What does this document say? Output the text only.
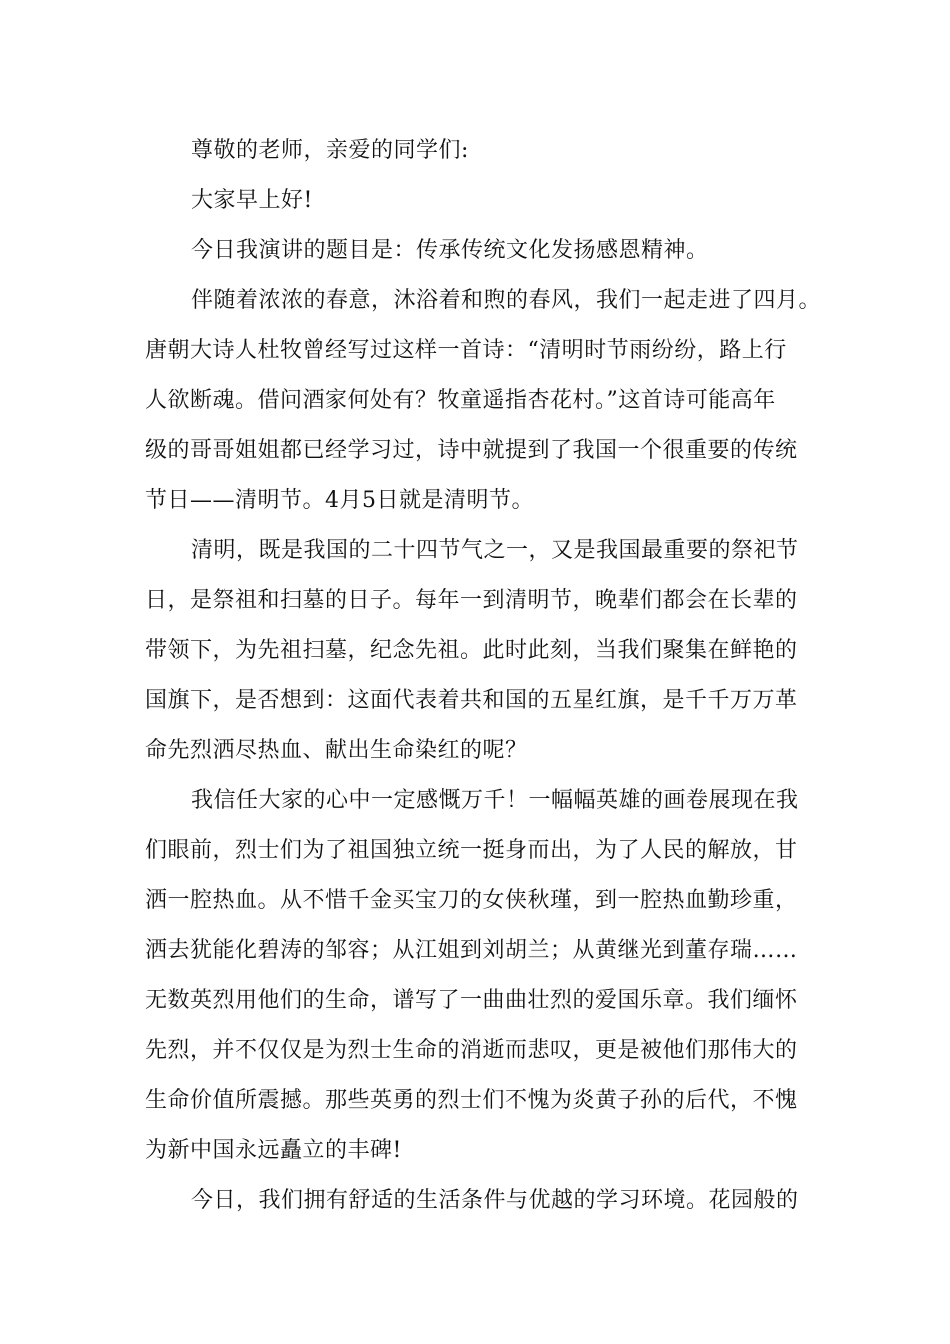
尊敬的老师，亲爱的同学们:
大家早上好!
今日我演讲的题目是：传承传统文化发扬感恩精神。
伴随着浓浓的春意，沐浴着和煦的春风，我们一起走进了四月。
唐朝大诗人杜牧曾经写过这样一首诗：“清明时节雨纷纷，路上行
人欲断魂。借问酒家何处有？牧童遥指杏花村。”这首诗可能高年
级的哥哥姐姐都已经学习过，诗中就提到了我国一个很重要的传统
节日——清明节。4月5日就是清明节。
清明，既是我国的二十四节气之一，又是我国最重要的祭祀节
日，是祭祖和扫墓的日子。每年一到清明节，晚辈们都会在长辈的
带领下，为先祖扫墓，纪念先祖。此时此刻，当我们聚集在鲜艳的
国旗下，是否想到：这面代表着共和国的五星红旗，是千千万万革
命先烈洒尽热血、献出生命染红的呢？
我信任大家的心中一定感慨万千！一幅幅英雄的画卷展现在我
们眼前，烈士们为了祖国独立统一挺身而出，为了人民的解放，甘
洒一腔热血。从不惜千金买宝刀的女侠秋瑾，到一腔热血勤珍重，
洒去犹能化碧涛的邹容；从江姐到刘胡兰；从黄继光到董存瑞……
无数英烈用他们的生命，谱写了一曲曲壮烈的爱国乐章。我们缅怀
先烈，并不仅仅是为烈士生命的消逝而悲叹，更是被他们那伟大的
生命价值所震撼。那些英勇的烈士们不愧为炎黄子孙的后代，不愧
为新中国永远矗立的丰碑!
今日，我们拥有舒适的生活条件与优越的学习环境。花园般的
